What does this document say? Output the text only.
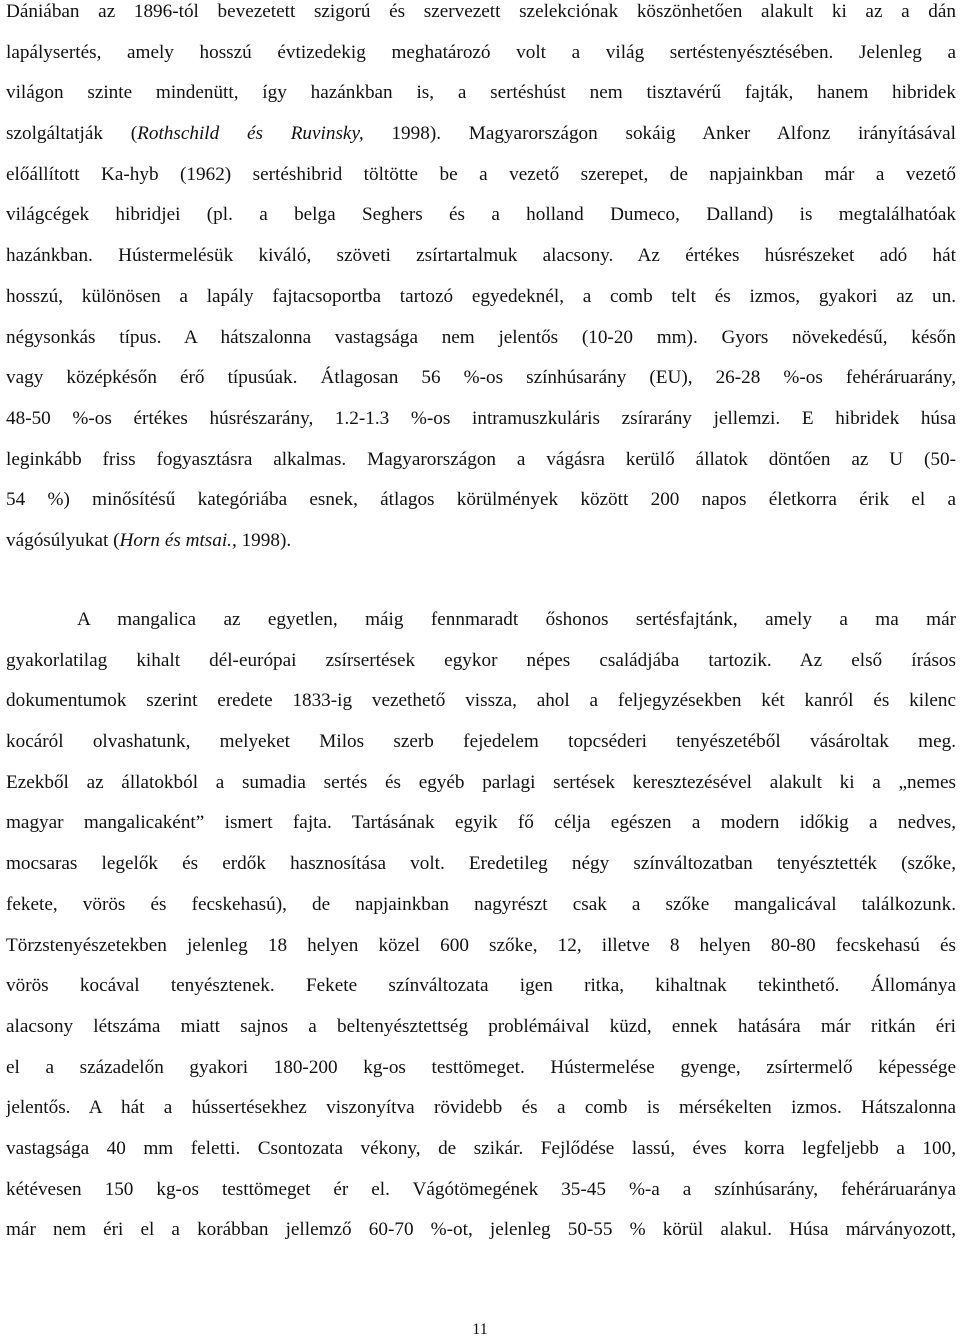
Dániában az 1896-tól bevezetett szigorú és szervezett szelekciónak köszönhetően alakult ki az a dán
lapálysertés, amely hosszú évtizedekig meghatározó volt a világ sertéstenyésztésében. Jelenleg a
világon szinte mindenütt, így hazánkban is, a sertéshúst nem tisztavérű fajták, hanem hibridek
szolgáltatják (Rothschild és Ruvinsky, 1998). Magyarországon sokáig Anker Alfonz irányításával
előállított Ka-hyb (1962) sertéshibrid töltötte be a vezető szerepet, de napjainkban már a vezető
világcégek hibridjei (pl. a belga Seghers és a holland Dumeco, Dalland) is megtalálhatóak
hazánkban. Hústermelésük kiváló, szöveti zsírtartalmuk alacsony. Az értékes húsrészeket adó hát
hosszú, különösen a lapály fajtacsoportba tartozó egyedeknél, a comb telt és izmos, gyakori az un.
négysonkás típus. A hátszalonna vastagsága nem jelentős (10-20 mm). Gyors növekedésű, későn
vagy középkésőn érő típusúak. Átlagosan 56 %-os színhúsarány (EU), 26-28 %-os fehéráruarány,
48-50 %-os értékes húsrészarány, 1.2-1.3 %-os intramuszkuláris zsírarány jellemzi. E hibridek húsa
leginkább friss fogyasztásra alkalmas. Magyarországon a vágásra kerülő állatok döntően az U (50-
54 %) minősítésű kategóriába esnek, átlagos körülmények között 200 napos életkorra érik el a
vágósúlyukat (Horn és mtsai., 1998).
A mangalica az egyetlen, máig fennmaradt őshonos sertésfajtánk, amely a ma már
gyakorlatilag kihalt dél-európai zsírsertések egykor népes családjába tartozik. Az első írásos
dokumentumok szerint eredete 1833-ig vezethető vissza, ahol a feljegyzésekben két kanról és kilenc
kocáról olvashatunk, melyeket Milos szerb fejedelem topcséderi tenyészetéből vásároltak meg.
Ezekből az állatokból a sumadia sertés és egyéb parlagi sertések keresztezésével alakult ki a „nemes
magyar mangalicaként” ismert fajta. Tartásának egyik fő célja egészen a modern időkig a nedves,
mocsaras legelők és erdők hasznosítása volt. Eredetileg négy színváltozatban tenyésztették (szőke,
fekete, vörös és fecskehasú), de napjainkban nagyrészt csak a szőke mangalicával találkozunk.
Törzstenyészetekben jelenleg 18 helyen közel 600 szőke, 12, illetve 8 helyen 80-80 fecskehasú és
vörös kocával tenyésztenek. Fekete színváltozata igen ritka, kihaltnak tekinthető. Állománya
alacsony létszáma miatt sajnos a beltenyésztettség problémáival küzd, ennek hatására már ritkán éri
el a századelőn gyakori 180-200 kg-os testtömeget. Hústermelése gyenge, zsírtermelő képessége
jelentős. A hát a hússertésekhez viszonyítva rövidebb és a comb is mérsékelten izmos. Hátszalonna
vastagsága 40 mm feletti. Csontozata vékony, de szikár. Fejlődése lassú, éves korra legfeljebb a 100,
kétévesen 150 kg-os testtömeget ér el. Vágótömegének 35-45 %-a a színhúsarány, fehéráruaránya
már nem éri el a korábban jellemző 60-70 %-ot, jelenleg 50-55 % körül alakul. Húsa márványozott,
11
